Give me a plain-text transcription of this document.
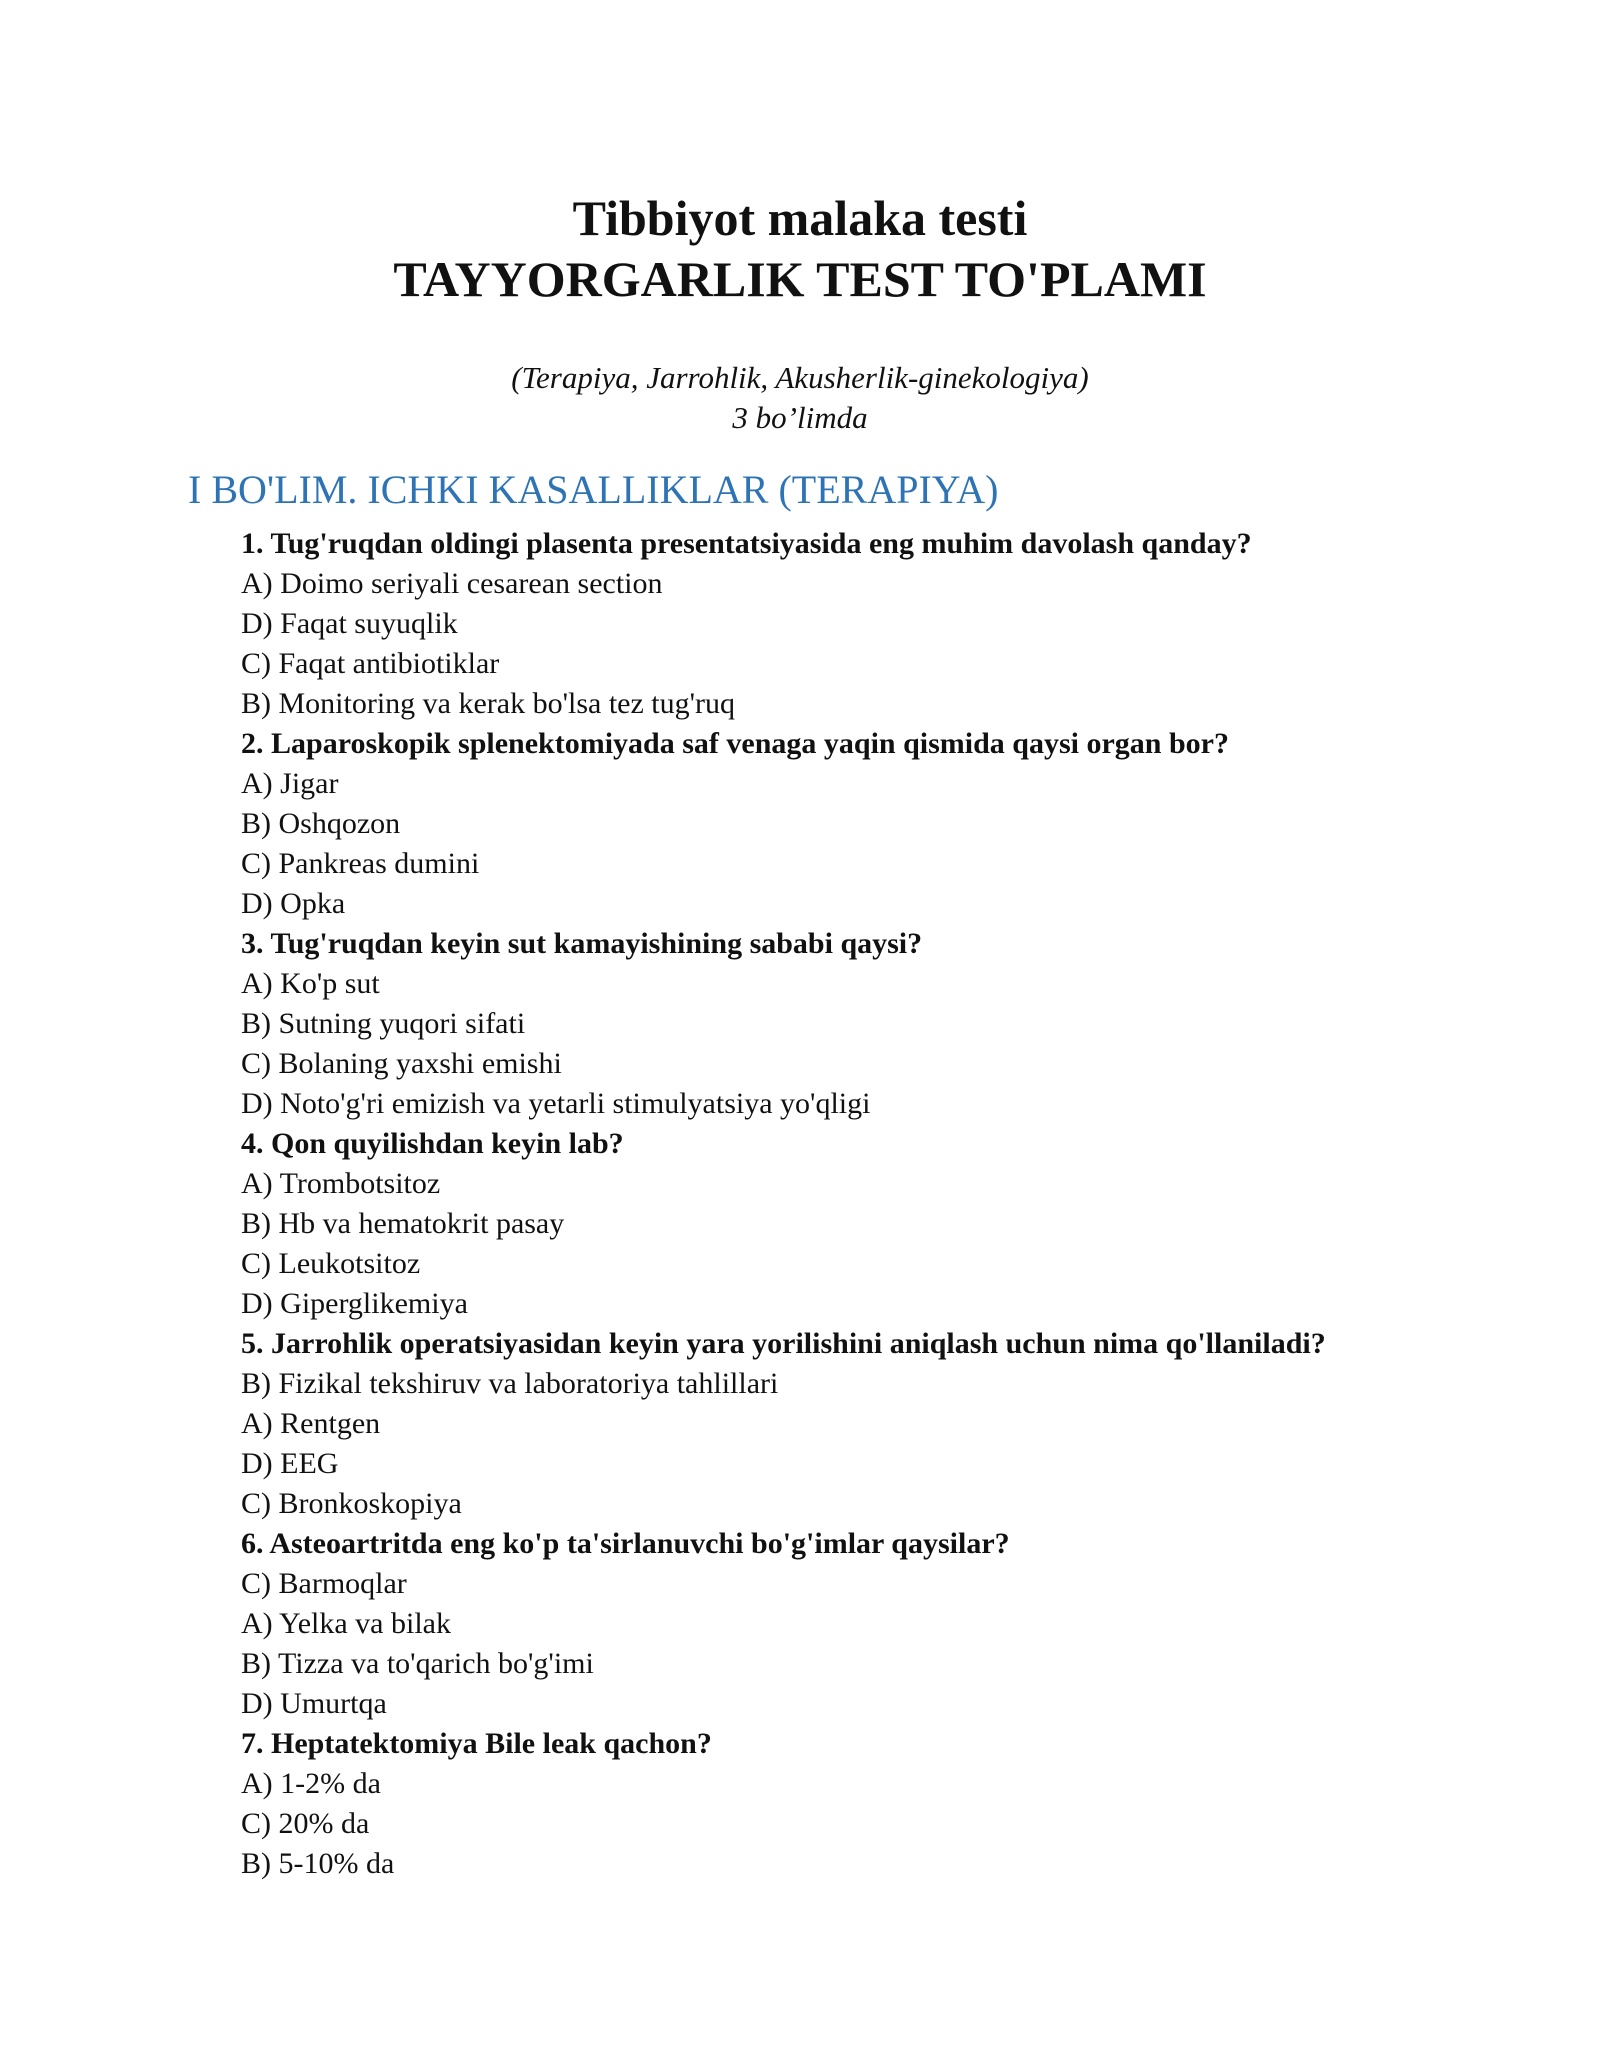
Tibbiyot malaka testi
TAYYORGARLIK TEST TO'PLAMI
(Terapiya, Jarrohlik, Akusherlik-ginekologiya)
3 bo’limda
I BO'LIM. ICHKI KASALLIKLAR (TERAPIYA)
1. Tug'ruqdan oldingi plasenta presentatsiyasida eng muhim davolash qanday?
A) Doimo seriyali cesarean section
D) Faqat suyuqlik
C) Faqat antibiotiklar
B) Monitoring va kerak bo'lsa tez tug'ruq
2. Laparoskopik splenektomiyada saf venaga yaqin qismida qaysi organ bor?
A) Jigar
B) Oshqozon
C) Pankreas dumini
D) Opka
3. Tug'ruqdan keyin sut kamayishining sababi qaysi?
A) Ko'p sut
B) Sutning yuqori sifati
C) Bolaning yaxshi emishi
D) Noto'g'ri emizish va yetarli stimulyatsiya yo'qligi
4. Qon quyilishdan keyin lab?
A) Trombotsitoz
B) Hb va hematokrit pasay
C) Leukotsitoz
D) Giperglikemiya
5. Jarrohlik operatsiyasidan keyin yara yorilishini aniqlash uchun nima qo'llaniladi?
B) Fizikal tekshiruv va laboratoriya tahlillari
A) Rentgen
D) EEG
C) Bronkoskopiya
6. Asteoartritda eng ko'p ta'sirlanuvchi bo'g'imlar qaysilar?
C) Barmoqlar
A) Yelka va bilak
B) Tizza va to'qarich bo'g'imi
D) Umurtqa
7. Heptatektomiya Bile leak qachon?
A) 1-2% da
C) 20% da
B) 5-10% da
